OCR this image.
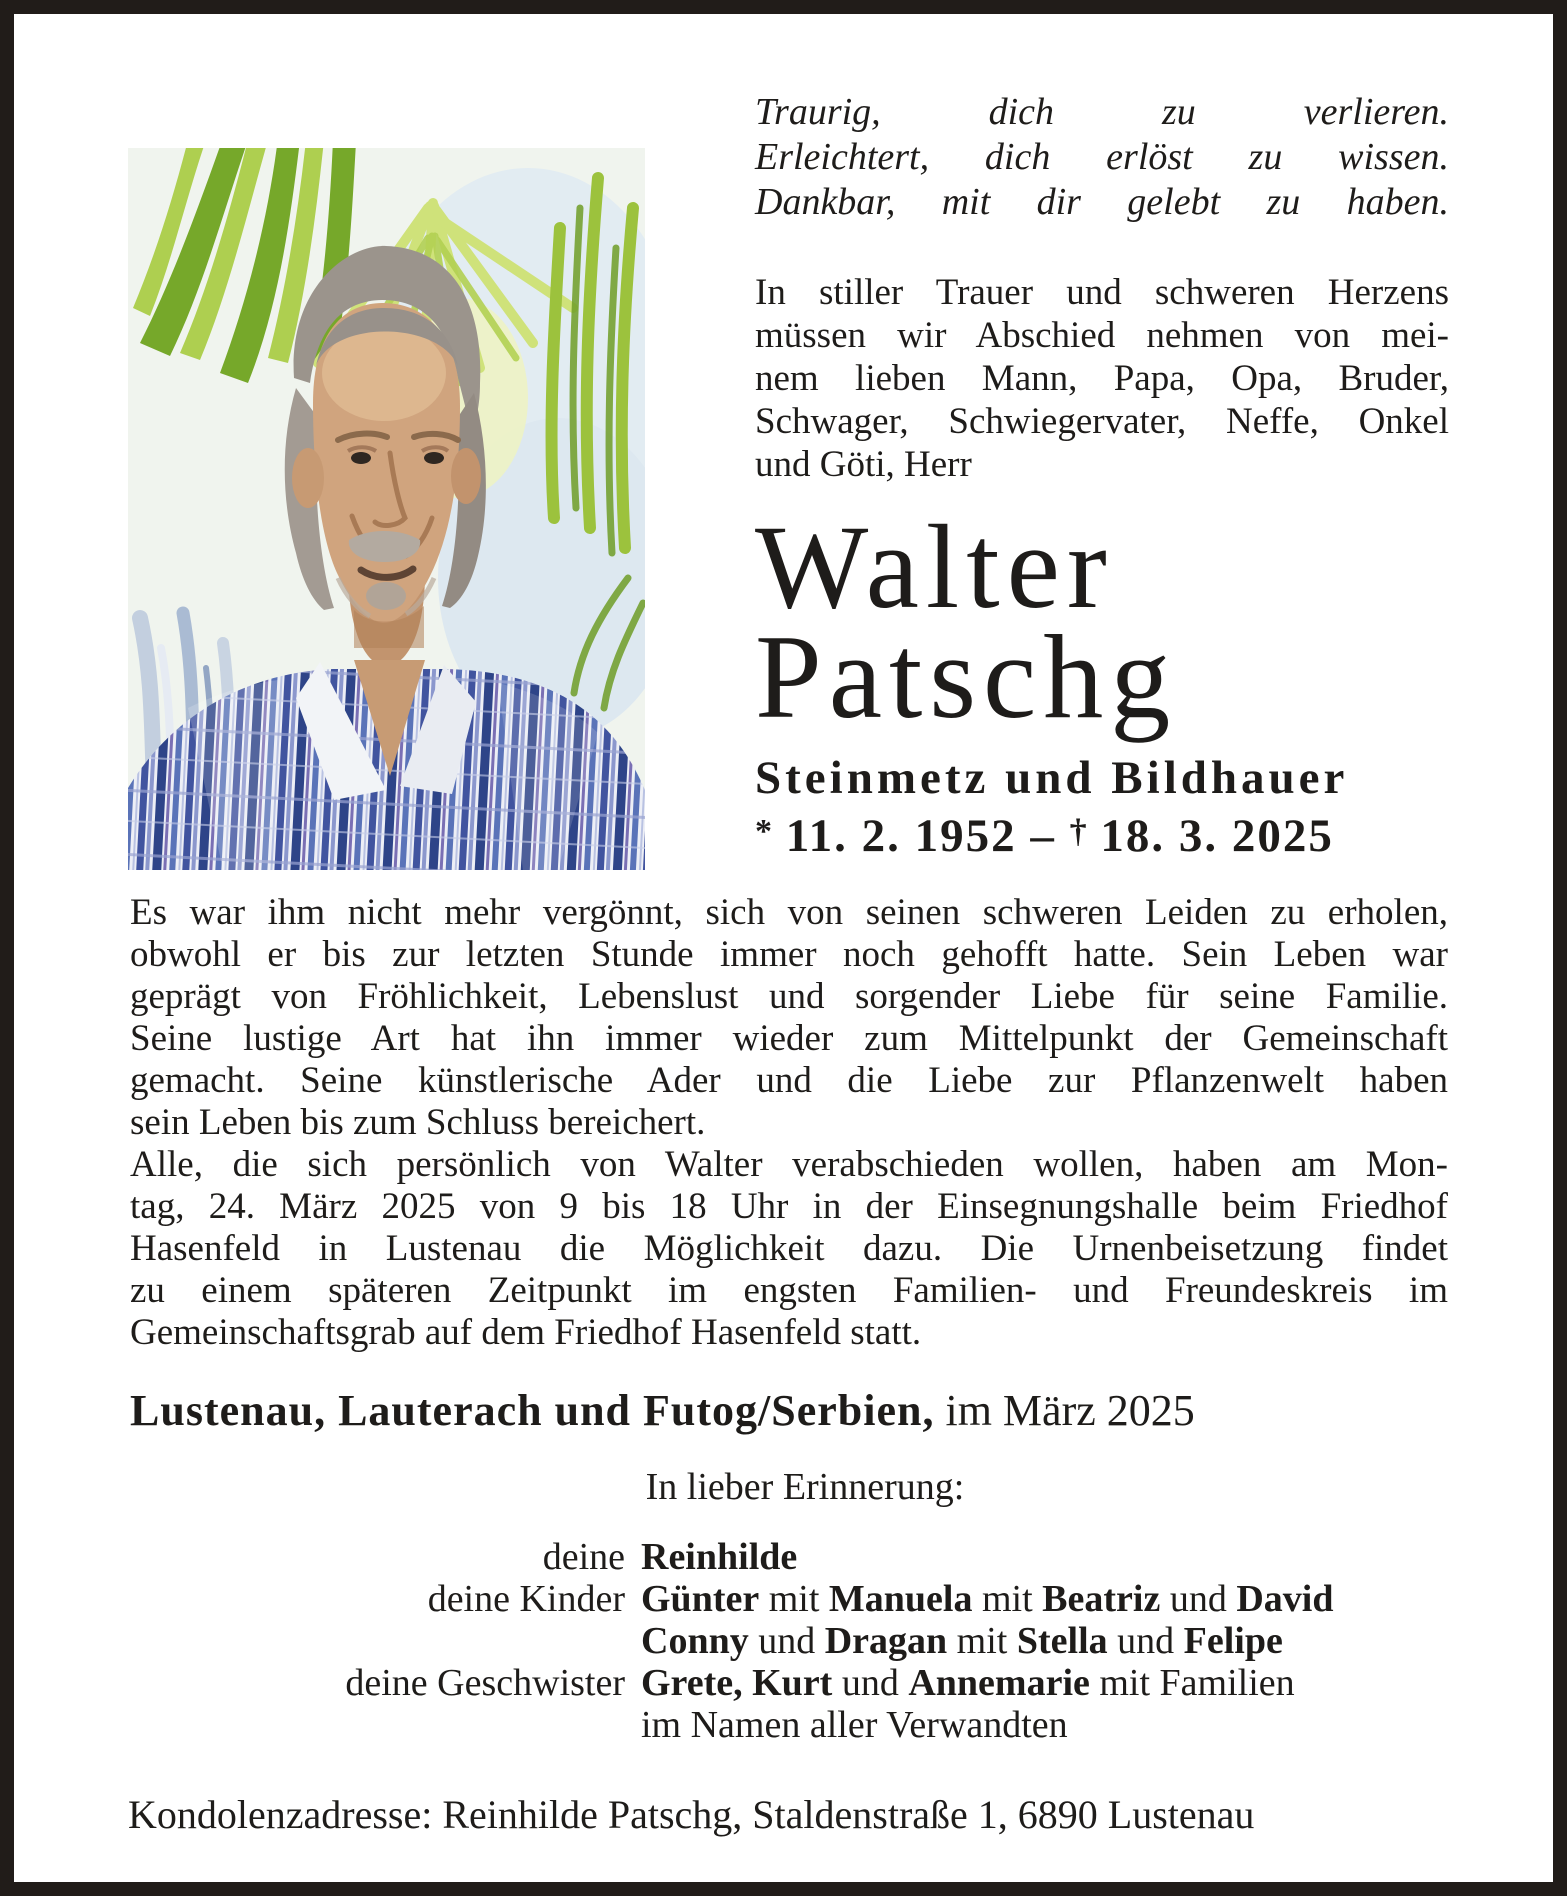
Traurig, dich zu verlieren.
Erleichtert, dich erlöst zu wissen.
Dankbar, mit dir gelebt zu haben.
In stiller Trauer und schweren Herzens
müssen wir Abschied nehmen von mei-
nem lieben Mann, Papa, Opa, Bruder,
Schwager, Schwiegervater, Neffe, Onkel
und Göti, Herr
Walter
Patschg
Steinmetz und Bildhauer
* 11. 2. 1952 – † 18. 3. 2025
Es war ihm nicht mehr vergönnt, sich von seinen schweren Leiden zu erholen,
obwohl er bis zur letzten Stunde immer noch gehofft hatte. Sein Leben war
geprägt von Fröhlichkeit, Lebenslust und sorgender Liebe für seine Familie.
Seine lustige Art hat ihn immer wieder zum Mittelpunkt der Gemeinschaft
gemacht. Seine künstlerische Ader und die Liebe zur Pflanzenwelt haben
sein Leben bis zum Schluss bereichert.
Alle, die sich persönlich von Walter verabschieden wollen, haben am Mon-
tag, 24. März 2025 von 9 bis 18 Uhr in der Einsegnungshalle beim Friedhof
Hasenfeld in Lustenau die Möglichkeit dazu. Die Urnenbeisetzung findet
zu einem späteren Zeitpunkt im engsten Familien- und Freundeskreis im
Gemeinschaftsgrab auf dem Friedhof Hasenfeld statt.
Lustenau, Lauterach und Futog/Serbien, im März 2025
In lieber Erinnerung:
deine Reinhilde
deine Kinder Günter mit Manuela mit Beatriz und David
Conny und Dragan mit Stella und Felipe
deine Geschwister Grete, Kurt und Annemarie mit Familien
im Namen aller Verwandten
Kondolenzadresse: Reinhilde Patschg, Staldenstraße 1, 6890 Lustenau
